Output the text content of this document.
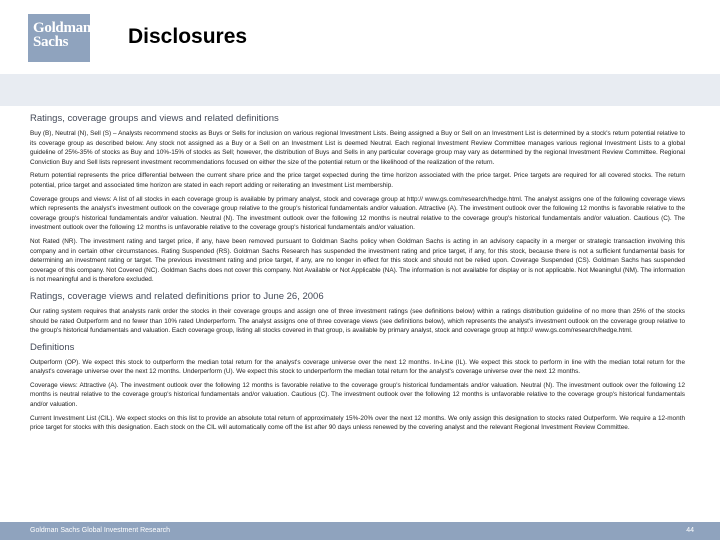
Goldman
Sachs	Disclosures
Ratings, coverage groups and views and related definitions

Buy (B), Neutral (N), Sell (S) – Analysts recommend stocks as Buys or Sells for inclusion on various regional Investment Lists. Being assigned a Buy or Sell on an Investment List is determined by a stock's return potential relative to its coverage group as described below. Any stock not assigned as a Buy or a Sell on an Investment List is deemed Neutral. Each regional Investment Review Committee manages various regional Investment Lists to a global guideline of 25%-35% of stocks as Buy and 10%-15% of stocks as Sell; however, the distribution of Buys and Sells in any particular coverage group may vary as determined by the regional Investment Review Committee. Regional Conviction Buy and Sell lists represent investment recommendations focused on either the size of the potential return or the likelihood of the realization of the return.

Return potential represents the price differential between the current share price and the price target expected during the time horizon associated with the price target. Price targets are required for all covered stocks. The return potential, price target and associated time horizon are stated in each report adding or reiterating an Investment List membership.

Coverage groups and views: A list of all stocks in each coverage group is available by primary analyst, stock and coverage group at http:// www.gs.com/research/hedge.html. The analyst assigns one of the following coverage views which represents the analyst's investment outlook on the coverage group relative to the group's historical fundamentals and/or valuation. Attractive (A). The investment outlook over the following 12 months is favorable relative to the coverage group's historical fundamentals and/or valuation. Neutral (N). The investment outlook over the following 12 months is neutral relative to the coverage group's historical fundamentals and/or valuation. Cautious (C). The investment outlook over the following 12 months is unfavorable relative to the coverage group's historical fundamentals and/or valuation.

Not Rated (NR). The investment rating and target price, if any, have been removed pursuant to Goldman Sachs policy when Goldman Sachs is acting in an advisory capacity in a merger or strategic transaction involving this company and in certain other circumstances. Rating Suspended (RS). Goldman Sachs Research has suspended the investment rating and price target, if any, for this stock, because there is not a sufficient fundamental basis for determining an investment rating or target. The previous investment rating and price target, if any, are no longer in effect for this stock and should not be relied upon. Coverage Suspended (CS). Goldman Sachs has suspended coverage of this company. Not Covered (NC). Goldman Sachs does not cover this company. Not Available or Not Applicable (NA). The information is not available for display or is not applicable. Not Meaningful (NM). The information is not meaningful and is therefore excluded.

Ratings, coverage views and related definitions prior to June 26, 2006

Our rating system requires that analysts rank order the stocks in their coverage groups and assign one of three investment ratings (see definitions below) within a ratings distribution guideline of no more than 25% of the stocks should be rated Outperform and no fewer than 10% rated Underperform. The analyst assigns one of three coverage views (see definitions below), which represents the analyst's investment outlook on the coverage group relative to the group's historical fundamentals and valuation. Each coverage group, listing all stocks covered in that group, is available by primary analyst, stock and coverage group at http:// www.gs.com/research/hedge.html.

Definitions

Outperform (OP). We expect this stock to outperform the median total return for the analyst's coverage universe over the next 12 months. In-Line (IL). We expect this stock to perform in line with the median total return for the analyst's coverage universe over the next 12 months. Underperform (U). We expect this stock to underperform the median total return for the analyst's coverage universe over the next 12 months.

Coverage views: Attractive (A). The investment outlook over the following 12 months is favorable relative to the coverage group's historical fundamentals and/or valuation. Neutral (N). The investment outlook over the following 12 months is neutral relative to the coverage group's historical fundamentals and/or valuation. Cautious (C). The investment outlook over the following 12 months is unfavorable relative to the coverage group's historical fundamentals and/or valuation.

Current Investment List (CIL). We expect stocks on this list to provide an absolute total return of approximately 15%-20% over the next 12 months. We only assign this designation to stocks rated Outperform. We require a 12-month price target for stocks with this designation. Each stock on the CIL will automatically come off the list after 90 days unless renewed by the covering analyst and the relevant Regional Investment Review Committee.

Goldman Sachs Global Investment Research	44
